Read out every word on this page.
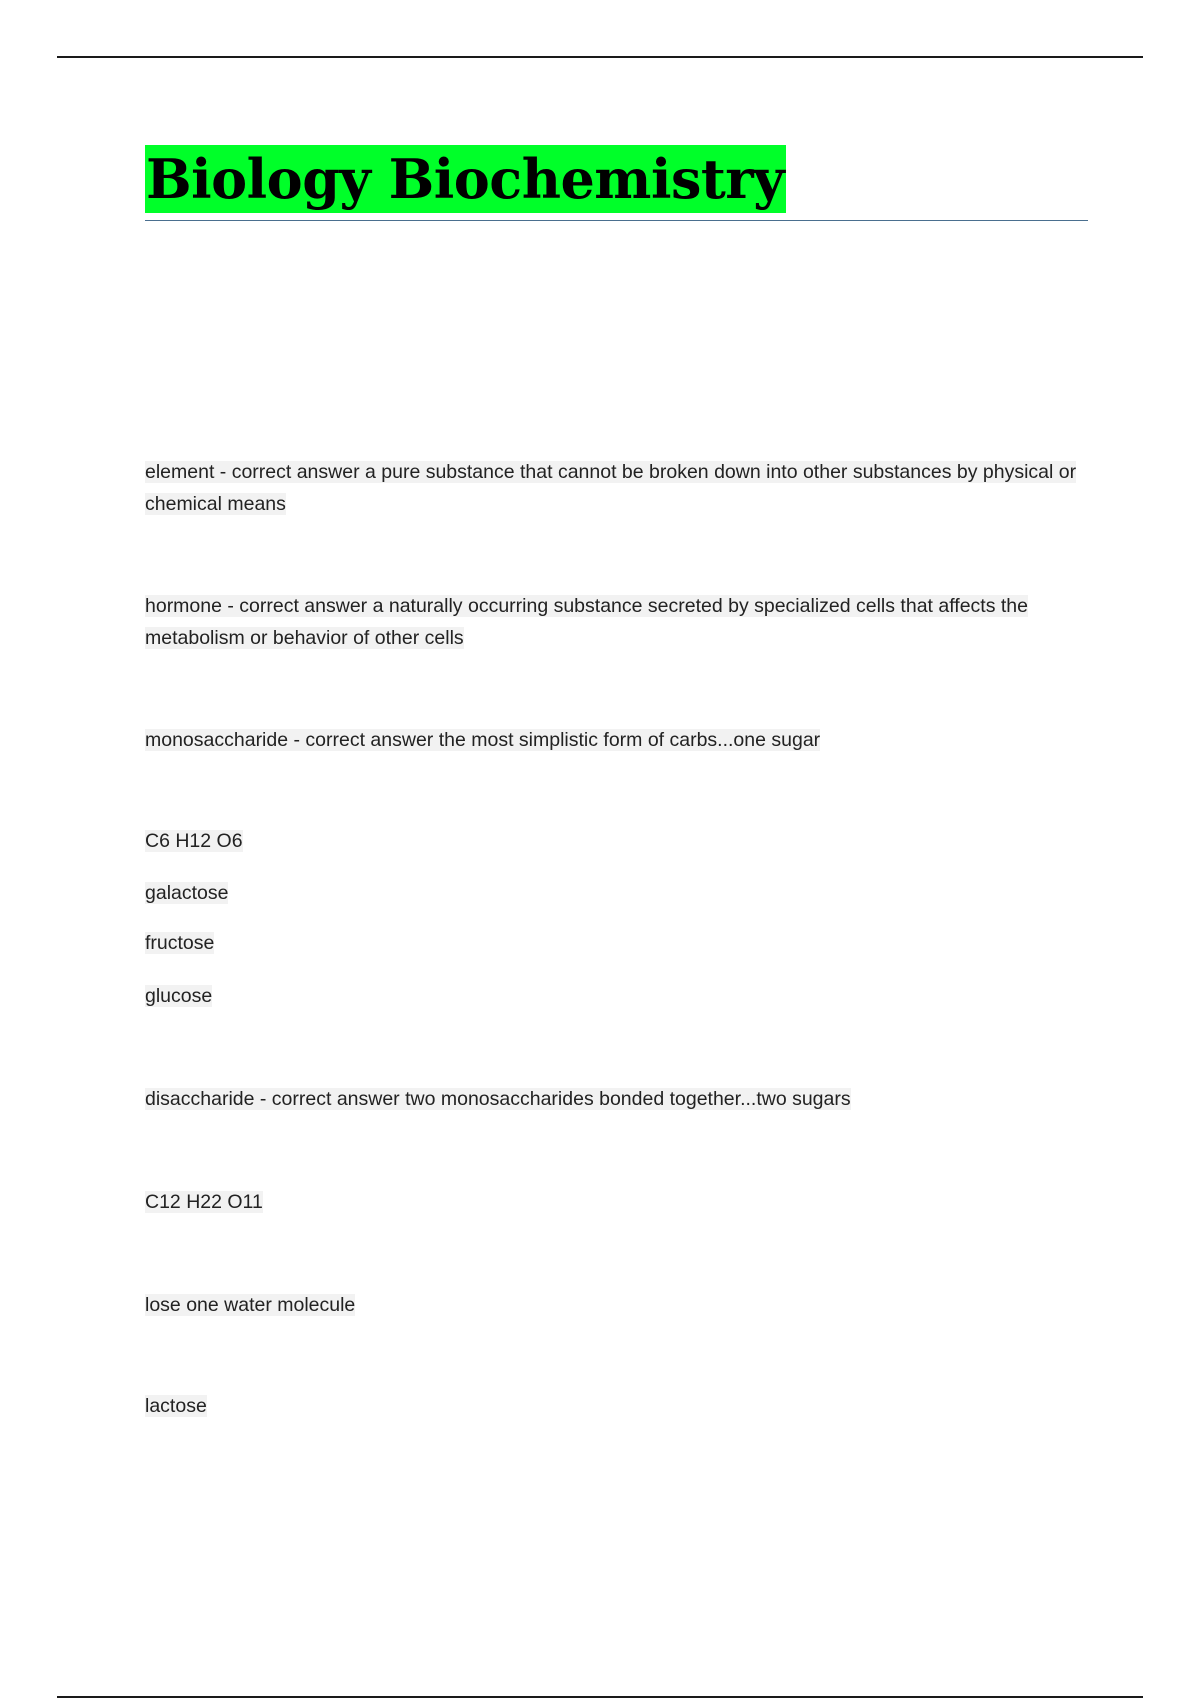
Biology Biochemistry
element - correct answer a pure substance that cannot be broken down into other substances by physical or chemical means
hormone - correct answer a naturally occurring substance secreted by specialized cells that affects the metabolism or behavior of other cells
monosaccharide - correct answer the most simplistic form of carbs...one sugar
C6 H12 O6
galactose
fructose
glucose
disaccharide - correct answer two monosaccharides bonded together...two sugars
C12 H22 O11
lose one water molecule
lactose
